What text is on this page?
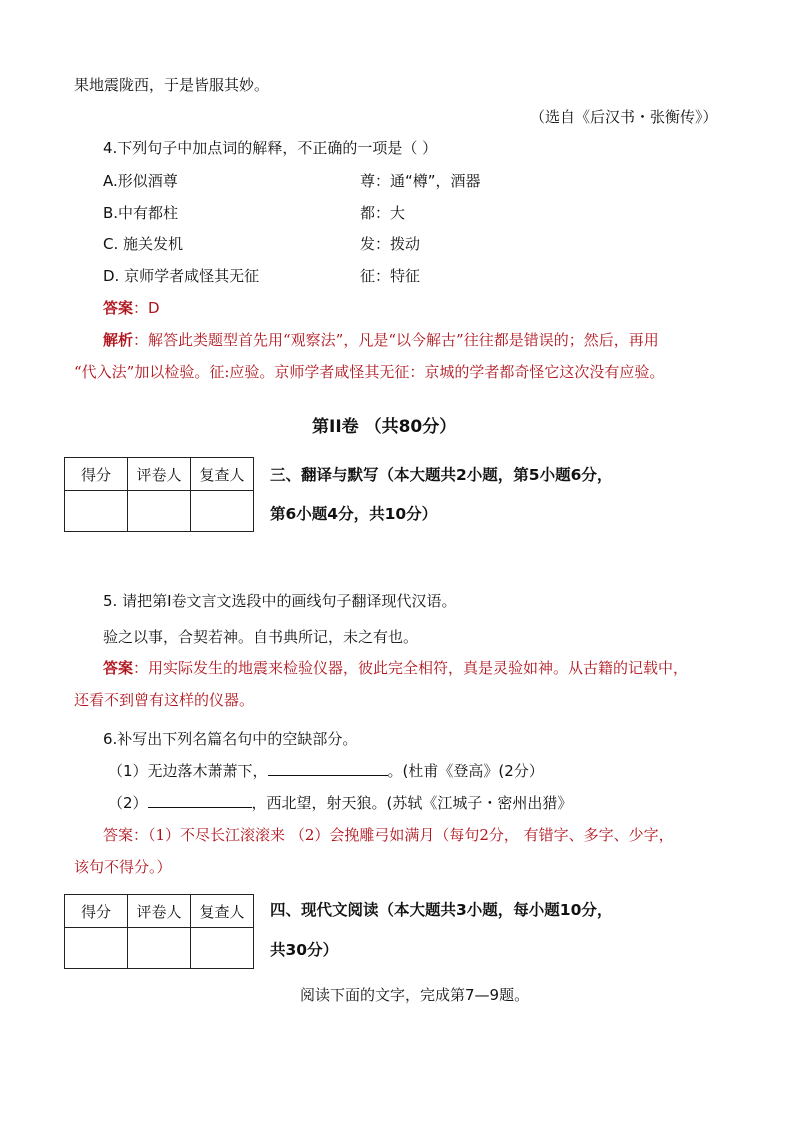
果地震陇西，于是皆服其妙。
（选自《后汉书・张衡传》）
4.下列句子中加点词的解释，不正确的一项是（ ）
A.形似酒尊	尊：通“樽”，酒器
B.中有都柱	都：大
C. 施关发机	发：拨动
D. 京师学者咸怪其无征	征：特征
答案：D
解析：解答此类题型首先用“观察法”，凡是“以今解古”往往都是错误的；然后，再用
“代入法”加以检验。征:应验。京师学者咸怪其无征：京城的学者都奇怪它这次没有应验。
第II卷 （共80分）
得分	评卷人	复查人
		三、翻译与默写（本大题共2小题，第5小题6分，
第6小题4分，共10分）
5. 请把第I卷文言文选段中的画线句子翻译现代汉语。
验之以事，合契若神。自书典所记，未之有也。
答案：用实际发生的地震来检验仪器，彼此完全相符，真是灵验如神。从古籍的记载中，
还看不到曾有这样的仪器。
6.补写出下列名篇名句中的空缺部分。
（1）无边落木萧萧下，	。(杜甫《登高》(2分）
（2）	，西北望，射天狼。(苏轼《江城子・密州出猎》
答案：（1）不尽长江滚滚来 （2）会挽雕弓如满月（每句2分， 有错字、多字、少字，
该句不得分。）
得分	评卷人	复查人
		四、现代文阅读（本大题共3小题，每小题10分，
共30分）
阅读下面的文字，完成第7—9题。
